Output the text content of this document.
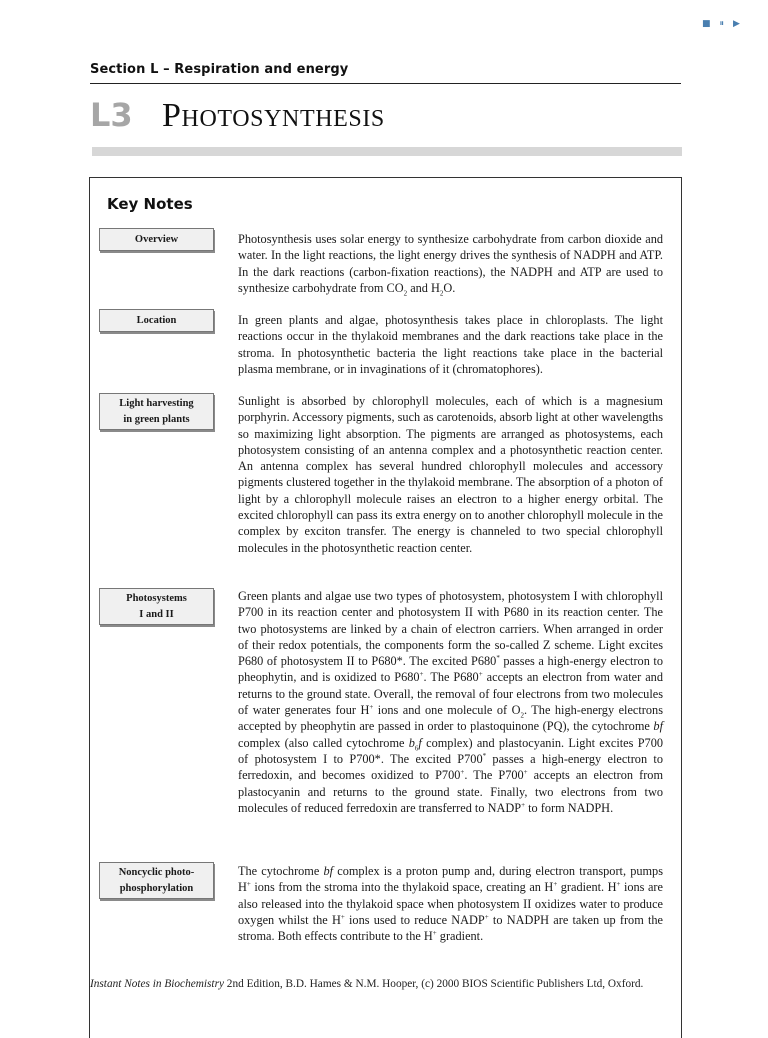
■ ⏸ ▶
Section L – Respiration and energy
L3 Photosynthesis
Key Notes
Overview
Location
Light harvesting
in green plants
Photosystems
I and II
Noncyclic photo-
phosphorylation

Photosynthesis uses solar energy to synthesize carbohydrate from carbon dioxide and water. In the light reactions, the light energy drives the synthesis of NADPH and ATP. In the dark reactions (carbon-fixation reactions), the NADPH and ATP are used to synthesize carbohydrate from $CO_2$ and $H_2O$.

In green plants and algae, photosynthesis takes place in chloroplasts. The light reactions occur in the thylakoid membranes and the dark reactions take place in the stroma. In photosynthetic bacteria the light reactions take place in the bacterial plasma membrane, or in invaginations of it (chromatophores).

Sunlight is absorbed by chlorophyll molecules, each of which is a magnesium porphyrin. Accessory pigments, such as carotenoids, absorb light at other wavelengths so maximizing light absorption. The pigments are arranged as photosystems, each photosystem consisting of an antenna complex and a photosynthetic reaction center. An antenna complex has several hundred chlorophyll molecules and accessory pigments clustered together in the thylakoid membrane. The absorption of a photon of light by a chlorophyll molecule raises an electron to a higher energy orbital. The excited chlorophyll can pass its extra energy on to another chlorophyll molecule in the complex by exciton transfer. The energy is channeled to two special chlorophyll molecules in the photosynthetic reaction center.

Green plants and algae use two types of photosystem, photosystem I with chlorophyll P700 in its reaction center and photosystem II with P680 in its reaction center. The two photosystems are linked by a chain of electron carriers. When arranged in order of their redox potentials, the components form the so-called Z scheme. Light excites P680 of photosystem II to P680*. The excited P680* passes a high-energy electron to pheophytin, and is oxidized to P680+. The P680+ accepts an electron from water and returns to the ground state. Overall, the removal of four electrons from two molecules of water generates four H+ ions and one molecule of $O_2$. The high-energy electrons accepted by pheophytin are passed in order to plastoquinone (PQ), the cytochrome bf complex (also called cytochrome $b_6f$ complex) and plastocyanin. Light excites P700 of photosystem I to P700*. The excited P700* passes a high-energy electron to ferredoxin, and becomes oxidized to P700+. The P700+ accepts an electron from plastocyanin and returns to the ground state. Finally, two electrons from two molecules of reduced ferredoxin are transferred to NADP+ to form NADPH.

The cytochrome bf complex is a proton pump and, during electron transport, pumps H+ ions from the stroma into the thylakoid space, creating an H+ gradient. H+ ions are also released into the thylakoid space when photosystem II oxidizes water to produce oxygen whilst the H+ ions used to reduce NADP+ to NADPH are taken up from the stroma. Both effects contribute to the H+ gradient.

Instant Notes in Biochemistry 2nd Edition, B.D. Hames & N.M. Hooper, (c) 2000 BIOS Scientific Publishers Ltd, Oxford.
